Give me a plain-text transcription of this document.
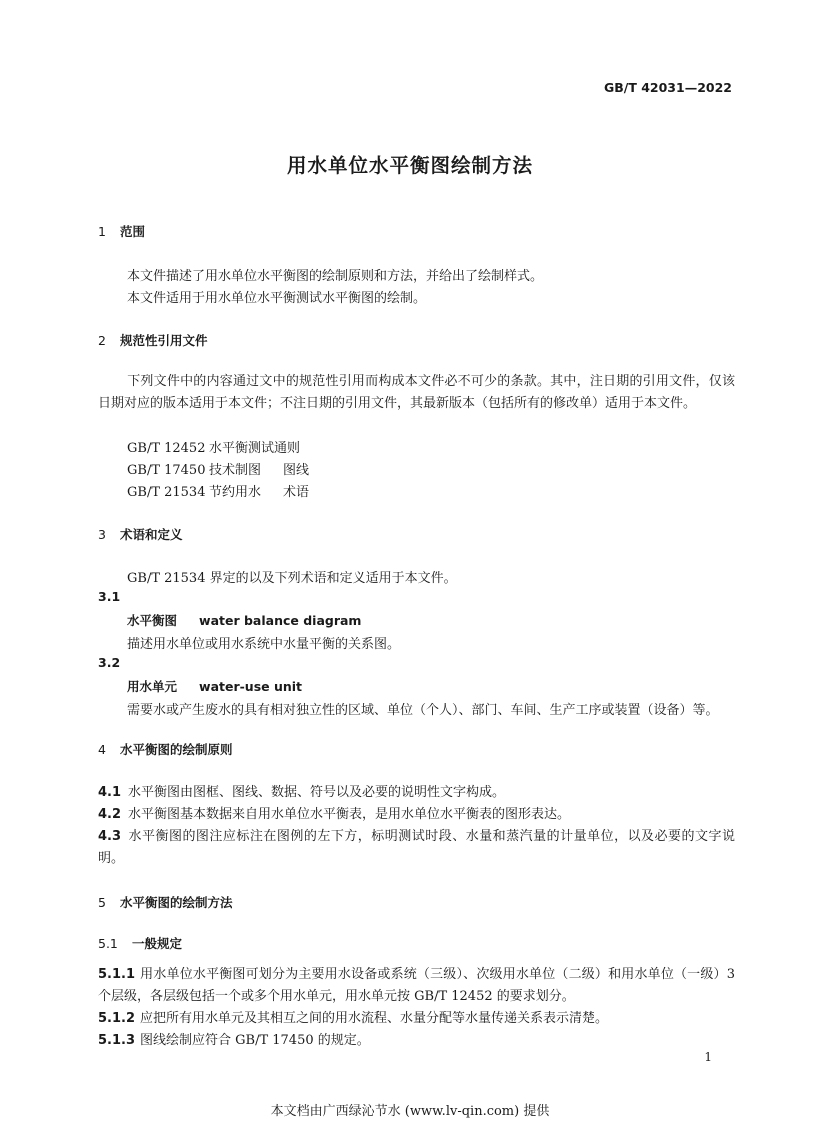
GB/T 42031—2022
用水单位水平衡图绘制方法
1 范围
本文件描述了用水单位水平衡图的绘制原则和方法，并给出了绘制样式。
本文件适用于用水单位水平衡测试水平衡图的绘制。
2 规范性引用文件
下列文件中的内容通过文中的规范性引用而构成本文件必不可少的条款。其中，注日期的引用文件，仅该日期对应的版本适用于本文件；不注日期的引用文件，其最新版本（包括所有的修改单）适用于本文件。
GB/T 12452 水平衡测试通则
GB/T 17450 技术制图 图线
GB/T 21534 节约用水 术语
3 术语和定义
GB/T 21534 界定的以及下列术语和定义适用于本文件。
3.1
水平衡图 water balance diagram
描述用水单位或用水系统中水量平衡的关系图。
3.2
用水单元 water-use unit
需要水或产生废水的具有相对独立性的区域、单位（个人）、部门、车间、生产工序或装置（设备）等。
4 水平衡图的绘制原则
4.1 水平衡图由图框、图线、数据、符号以及必要的说明性文字构成。
4.2 水平衡图基本数据来自用水单位水平衡表，是用水单位水平衡表的图形表达。
4.3 水平衡图的图注应标注在图例的左下方，标明测试时段、水量和蒸汽量的计量单位，以及必要的文字说明。
5 水平衡图的绘制方法
5.1 一般规定
5.1.1 用水单位水平衡图可划分为主要用水设备或系统（三级）、次级用水单位（二级）和用水单位（一级）3 个层级，各层级包括一个或多个用水单元，用水单元按 GB/T 12452 的要求划分。
5.1.2 应把所有用水单元及其相互之间的用水流程、水量分配等水量传递关系表示清楚。
5.1.3 图线绘制应符合 GB/T 17450 的规定。
1
本文档由广西绿沁节水 (www.lv-qin.com) 提供
